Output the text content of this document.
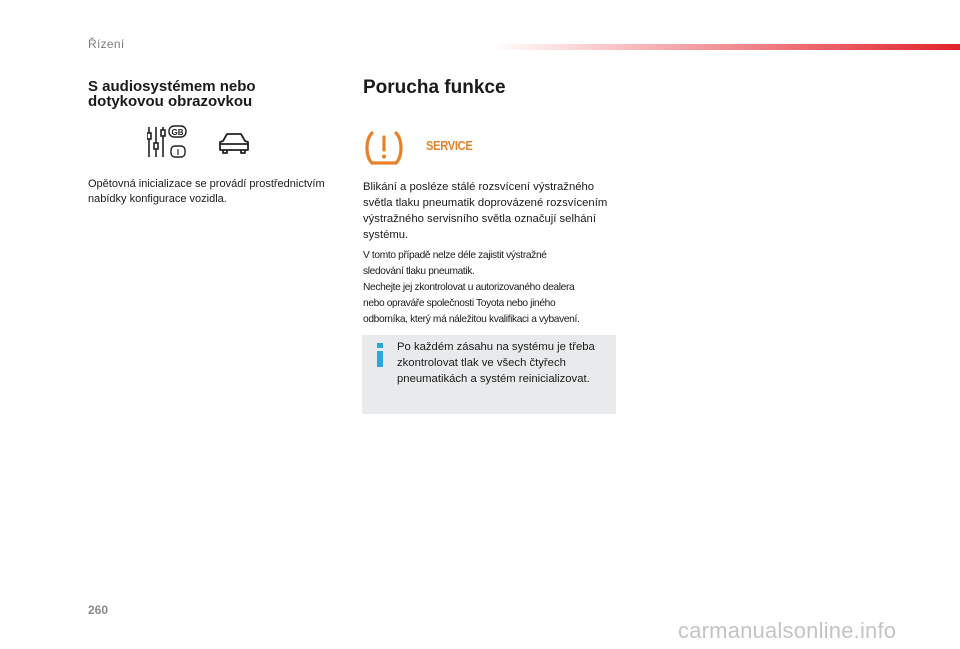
Řízení
S audiosystémem nebo dotykovou obrazovkou
GB
I
Opětovná inicializace se provádí prostřednictvím nabídky konfigurace vozidla.
Porucha funkce
SERVICE
Blikání a posléze stálé rozsvícení výstražného světla tlaku pneumatik doprovázené rozsvícením výstražného servisního světla označují selhání systému.
V tomto případě nelze déle zajistit výstražné
sledování tlaku pneumatik.
Nechejte jej zkontrolovat u autorizovaného dealera
nebo opraváře společnosti Toyota nebo jiného
odborníka, který má náležitou kvalifikaci a vybavení.
Po každém zásahu na systému je třeba zkontrolovat tlak ve všech čtyřech pneumatikách a systém reinicializovat.
260
carmanualsonline.info
